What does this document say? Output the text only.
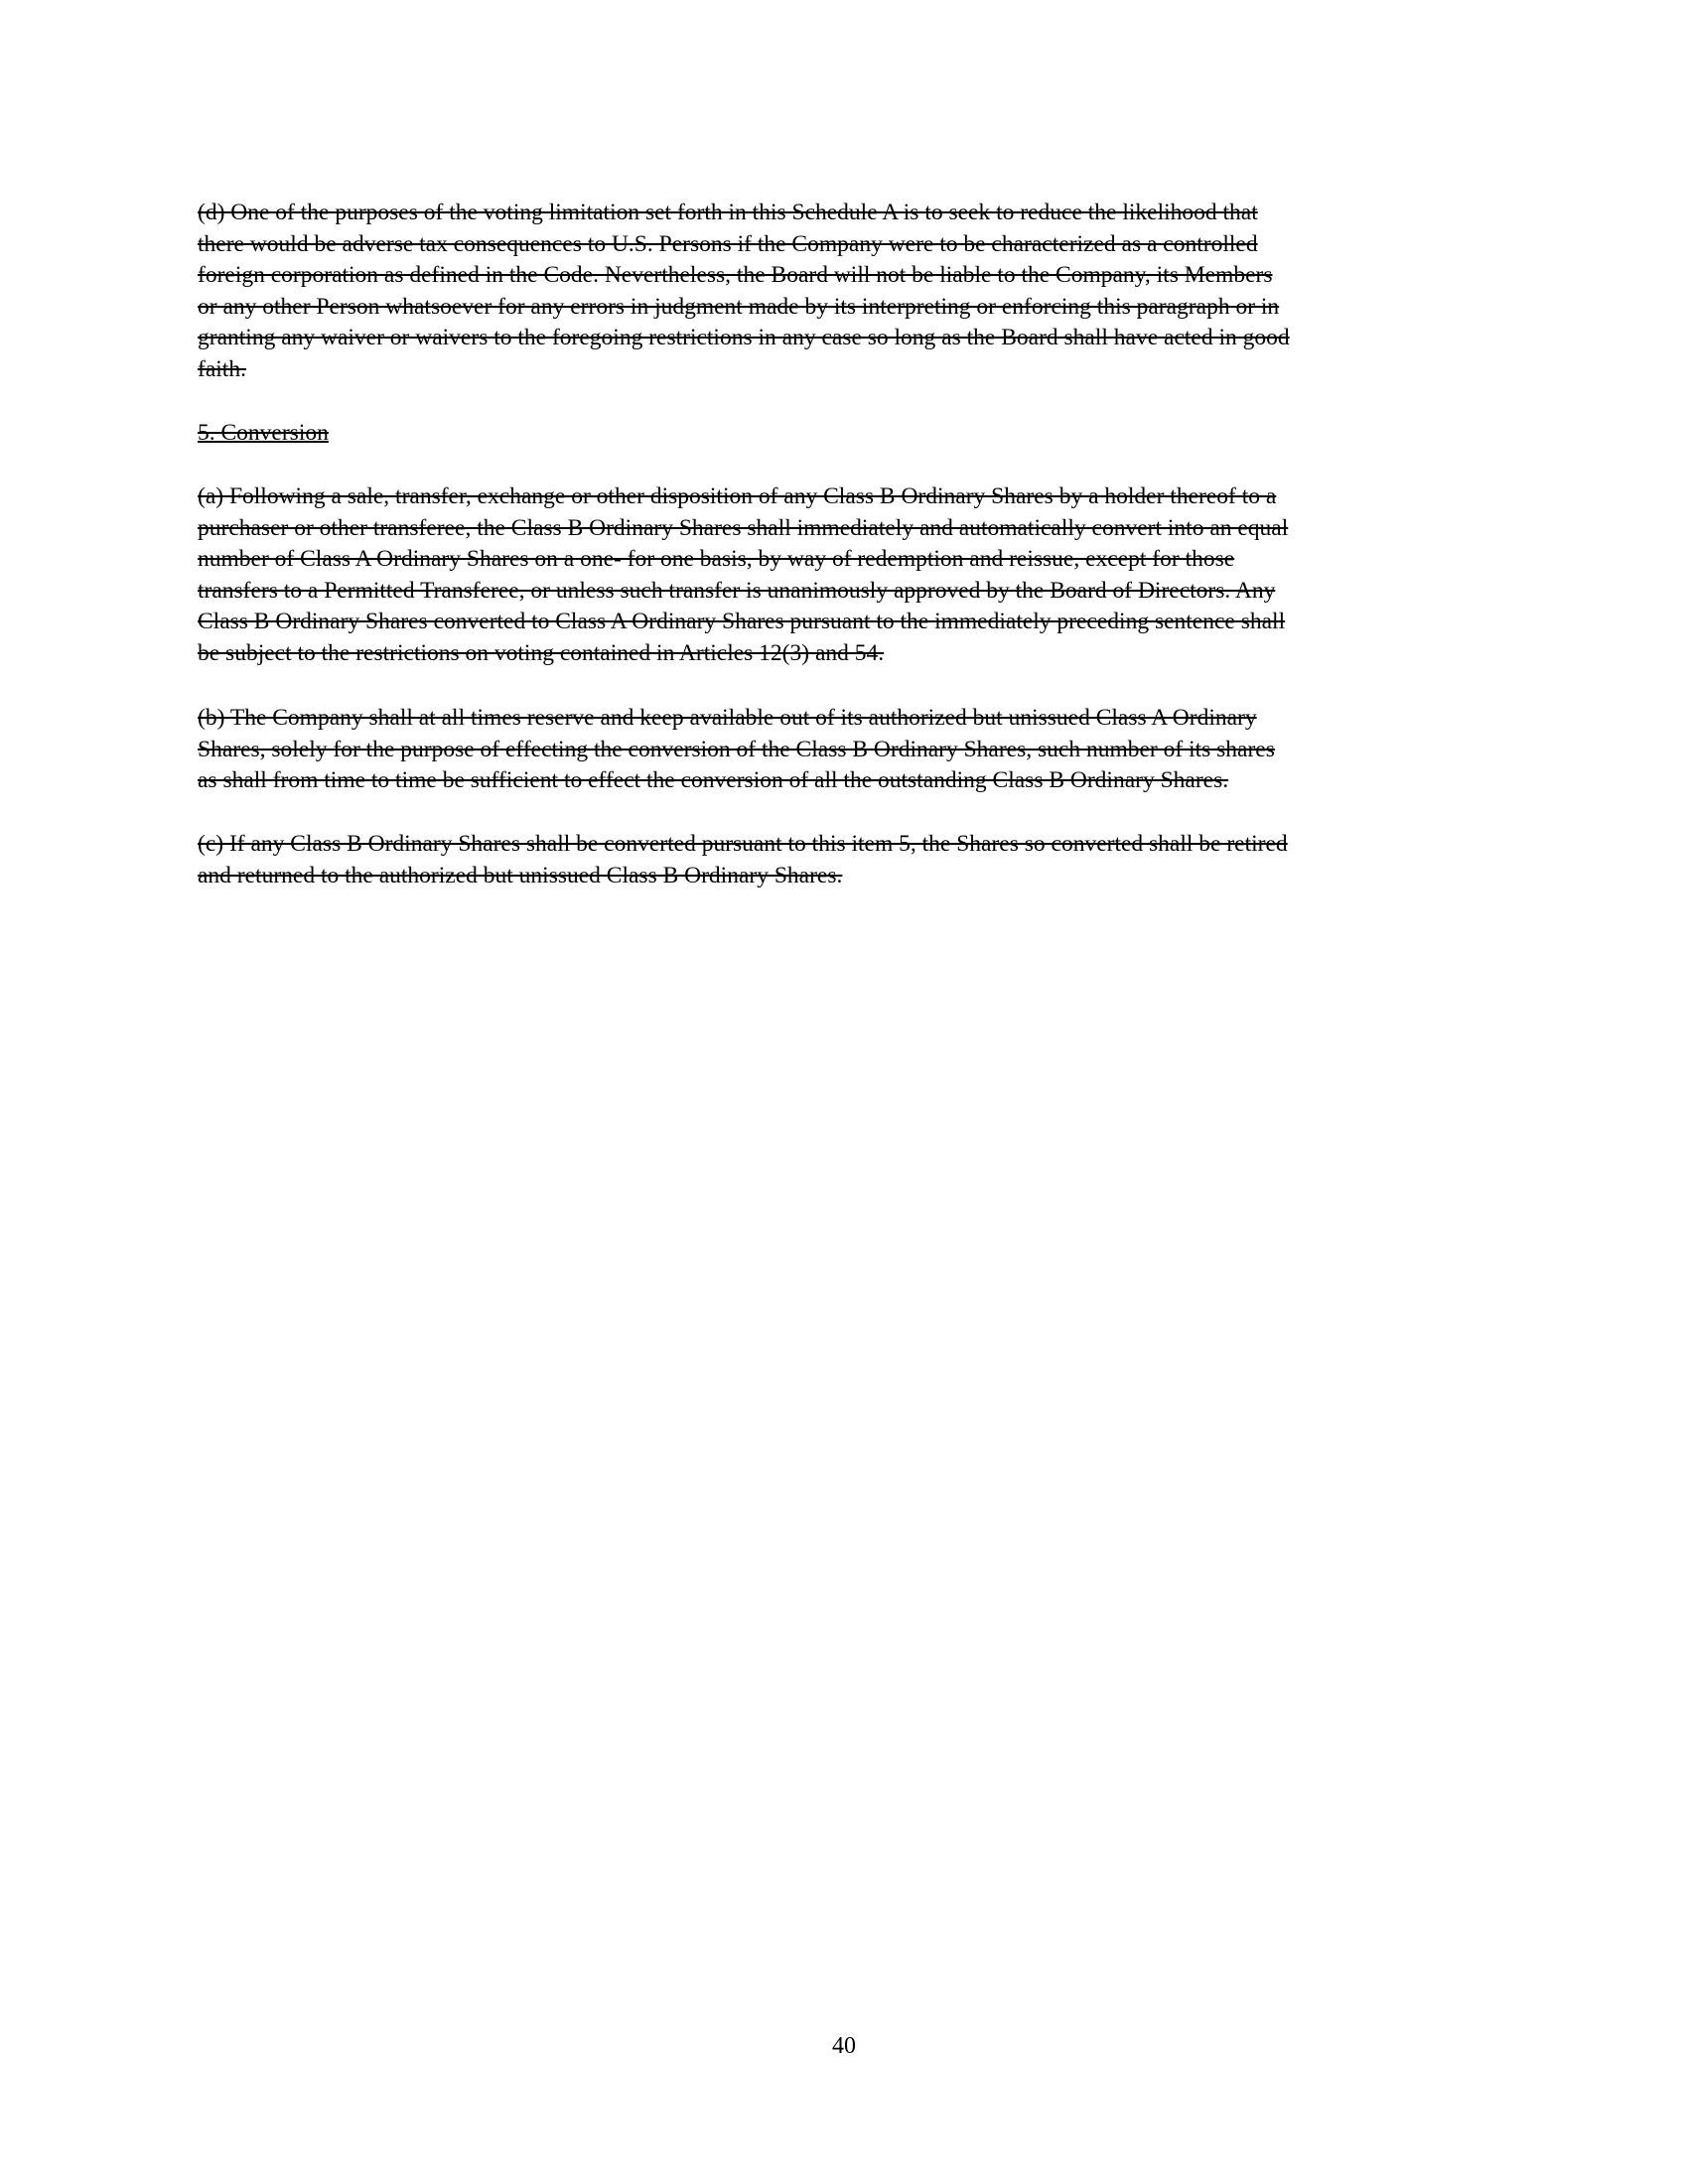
(d) One of the purposes of the voting limitation set forth in this Schedule A is to seek to reduce the likelihood that
there would be adverse tax consequences to U.S. Persons if the Company were to be characterized as a controlled
foreign corporation as defined in the Code. Nevertheless, the Board will not be liable to the Company, its Members
or any other Person whatsoever for any errors in judgment made by its interpreting or enforcing this paragraph or in
granting any waiver or waivers to the foregoing restrictions in any case so long as the Board shall have acted in good
faith.
5. Conversion
(a) Following a sale, transfer, exchange or other disposition of any Class B Ordinary Shares by a holder thereof to a
purchaser or other transferee, the Class B Ordinary Shares shall immediately and automatically convert into an equal
number of Class A Ordinary Shares on a one- for one basis, by way of redemption and reissue, except for those
transfers to a Permitted Transferee, or unless such transfer is unanimously approved by the Board of Directors. Any
Class B Ordinary Shares converted to Class A Ordinary Shares pursuant to the immediately preceding sentence shall
be subject to the restrictions on voting contained in Articles 12(3) and 54.
(b) The Company shall at all times reserve and keep available out of its authorized but unissued Class A Ordinary
Shares, solely for the purpose of effecting the conversion of the Class B Ordinary Shares, such number of its shares
as shall from time to time be sufficient to effect the conversion of all the outstanding Class B Ordinary Shares.
(c) If any Class B Ordinary Shares shall be converted pursuant to this item 5, the Shares so converted shall be retired
and returned to the authorized but unissued Class B Ordinary Shares.
40
